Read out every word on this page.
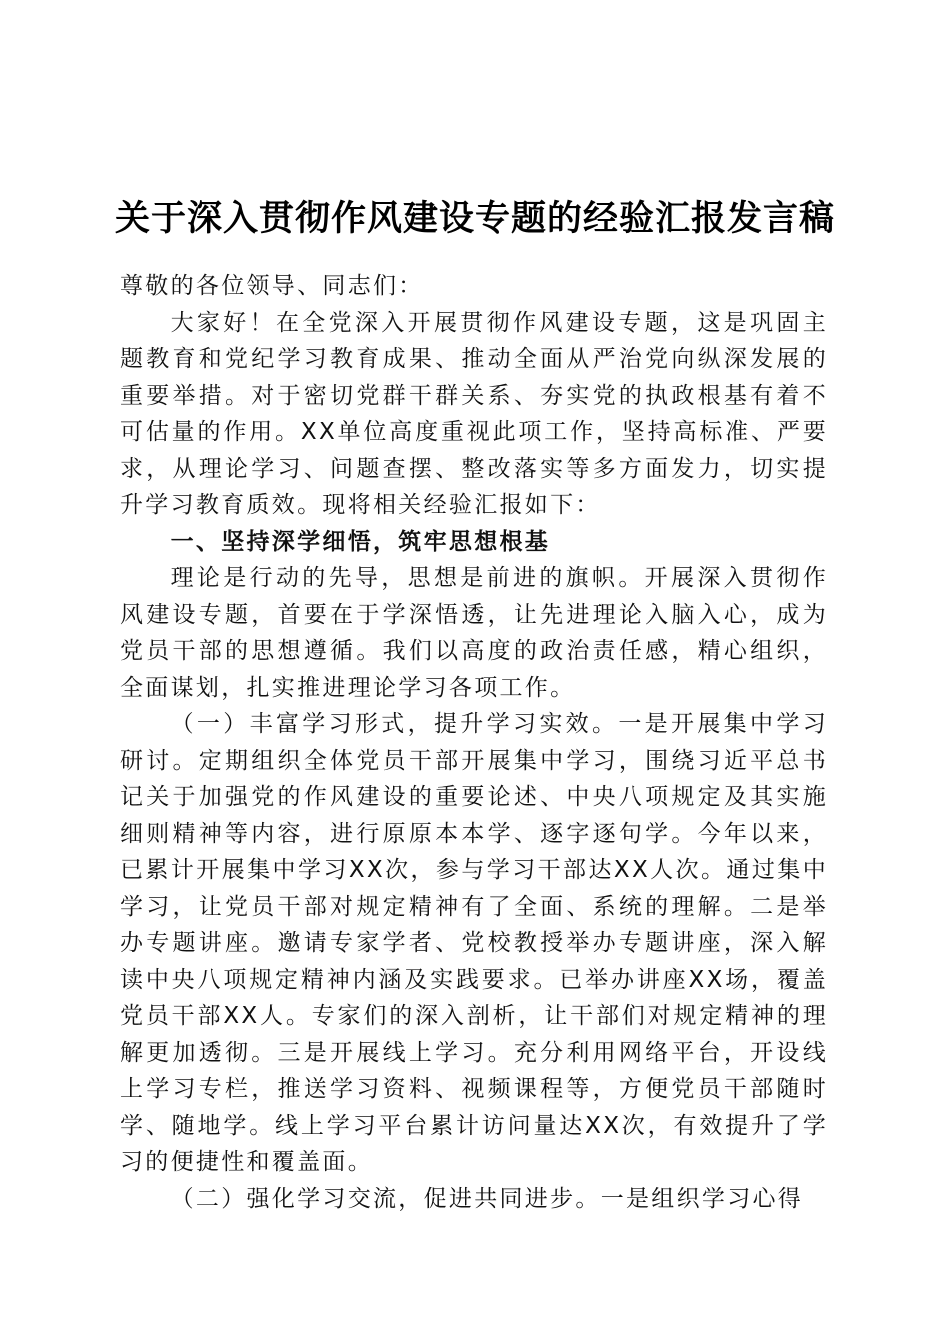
关于深入贯彻作风建设专题的经验汇报发言稿

尊敬的各位领导、同志们：

大家好！在全党深入开展贯彻作风建设专题，这是巩固主题教育和党纪学习教育成果、推动全面从严治党向纵深发展的重要举措。对于密切党群干群关系、夯实党的执政根基有着不可估量的作用。XX单位高度重视此项工作，坚持高标准、严要求，从理论学习、问题查摆、整改落实等多方面发力，切实提升学习教育质效。现将相关经验汇报如下：

一、坚持深学细悟，筑牢思想根基

理论是行动的先导，思想是前进的旗帜。开展深入贯彻作风建设专题，首要在于学深悟透，让先进理论入脑入心，成为党员干部的思想遵循。我们以高度的政治责任感，精心组织，全面谋划，扎实推进理论学习各项工作。

（一）丰富学习形式，提升学习实效。一是开展集中学习研讨。定期组织全体党员干部开展集中学习，围绕习近平总书记关于加强党的作风建设的重要论述、中央八项规定及其实施细则精神等内容，进行原原本本学、逐字逐句学。今年以来，已累计开展集中学习XX次，参与学习干部达XX人次。通过集中学习，让党员干部对规定精神有了全面、系统的理解。二是举办专题讲座。邀请专家学者、党校教授举办专题讲座，深入解读中央八项规定精神内涵及实践要求。已举办讲座XX场，覆盖党员干部XX人。专家们的深入剖析，让干部们对规定精神的理解更加透彻。三是开展线上学习。充分利用网络平台，开设线上学习专栏，推送学习资料、视频课程等，方便党员干部随时学、随地学。线上学习平台累计访问量达XX次，有效提升了学习的便捷性和覆盖面。

（二）强化学习交流，促进共同进步。一是组织学习心得
